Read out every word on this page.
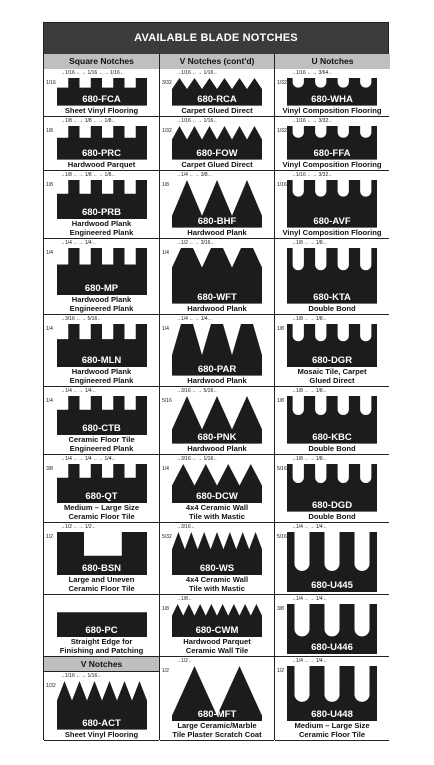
AVAILABLE BLADE NOTCHES
Square Notches	V Notches (cont'd)	U Notches
→1/16 ←→ 1/16 ←→ 1/16←
1/16
680-FCA
Sheet Vinyl Flooring
→1/8 ←→ 1/8 ←→ 1/8←
1/8
680-PRC
Hardwood Parquet
→1/8 ←→ 1/8 ←→ 1/8←
1/8
680-PRB
Hardwood Plank
Engineered Plank
→1/4 ←→ 1/4←
1/4
680-MP
Hardwood Plank
Engineered Plank
→3/16 ←→ 5/16←
1/4
680-MLN
Hardwood Plank
Engineered Plank
→1/4 ←→ 1/4←
1/4
680-CTB
Ceramic Floor Tile
Engineered Plank
→1/4 ←→ 1/4 ←→ 1/4←
3/8
680-QT
Medium – Large Size
Ceramic Floor Tile
→1/2 ←→ 1/2←
1/2
680-BSN
Large and Uneven
Ceramic Floor Tile
680-PC
Straight Edge for
Finishing and Patching
V Notches
→1/16 ←→ 1/16←
1/32
680-ACT
Sheet Vinyl Flooring
→1/16 ←→ 1/16←
3/32
680-RCA
Carpet Glued Direct
→1/16 ←→ 1/16←
1/32
680-FOW
Carpet Glued Direct
→1/4 ←→ 3/8←
1/8
680-BHF
Hardwood Plank
→1/2 ←→ 3/16←
1/4
680-WFT
Hardwood Plank
→1/4 ←→ 1/4←
1/4
680-PAR
Hardwood Plank
→3/16 ←→ 5/16←
5/16
680-PNK
Hardwood Plank
→3/16 ←→ 1/16←
1/4
680-DCW
4x4 Ceramic Wall
Tile with Mastic
→3/16←
5/32
680-WS
4x4 Ceramic Wall
Tile with Mastic
→1/8←
1/8
680-CWM
Hardwood Parquet
Ceramic Wall Tile
→1/2←
1/2
680-MFT
Large Ceramic/Marble
Tile Plaster Scratch Coat
→1/16 ←→ 3/64←
1/32
680-WHA
Vinyl Composition Flooring
→1/16 ←→ 3/32←
1/32
680-FFA
Vinyl Composition Flooring
→1/16 ←→ 3/32←
1/16
680-AVF
Vinyl Composition Flooring
→1/8 ←→ 1/8←
680-KTA
Double Bond
→1/8 ←→ 1/8←
1/8
680-DGR
Mosaic Tile, Carpet
Glued Direct
→1/8 ←→ 1/8←
1/8
680-KBC
Double Bond
→1/8 ←→ 1/8←
5/16
680-DGD
Double Bond
→1/4 ←→ 1/4←
5/16
680-U445
→1/4 ←→ 1/4←
3/8
680-U446
→1/4 ←→ 1/4←
1/2
680-U448
Medium – Large Size
Ceramic Floor Tile
